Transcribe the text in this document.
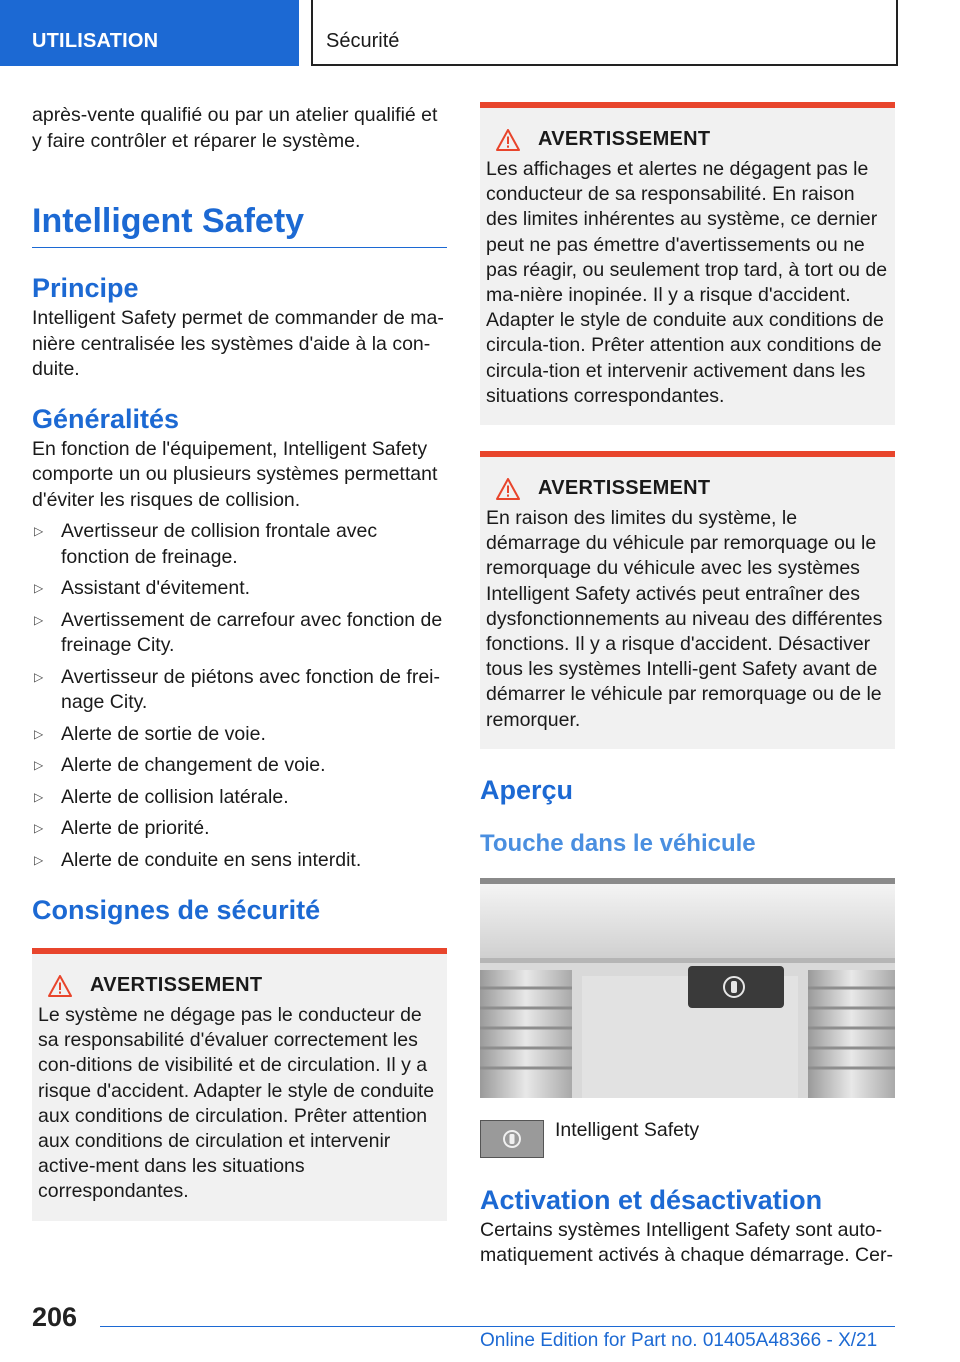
UTILISATION	Sécurité

après-vente qualifié ou par un atelier qualifié et y faire contrôler et réparer le système.

Intelligent Safety
Principe

Intelligent Safety permet de commander de ma-nière centralisée les systèmes d'aide à la con-duite.

Généralités

En fonction de l'équipement, Intelligent Safety comporte un ou plusieurs systèmes permettant d'éviter les risques de collision.

▷ Avertisseur de collision frontale avec fonction de freinage.
▷ Assistant d'évitement.
▷ Avertissement de carrefour avec fonction de freinage City.
▷ Avertisseur de piétons avec fonction de frei-nage City.
▷ Alerte de sortie de voie.
▷ Alerte de changement de voie.
▷ Alerte de collision latérale.
▷ Alerte de priorité.
▷ Alerte de conduite en sens interdit.
Consignes de sécurité
AVERTISSEMENT

Le système ne dégage pas le conducteur de sa responsabilité d'évaluer correctement les con-ditions de visibilité et de circulation. Il y a risque d'accident. Adapter le style de conduite aux conditions de circulation. Prêter attention aux conditions de circulation et intervenir active-ment dans les situations correspondantes.

AVERTISSEMENT

Les affichages et alertes ne dégagent pas le conducteur de sa responsabilité. En raison des limites inhérentes au système, ce dernier peut ne pas émettre d'avertissements ou ne pas réagir, ou seulement trop tard, à tort ou de ma-nière inopinée. Il y a risque d'accident. Adapter le style de conduite aux conditions de circula-tion. Prêter attention aux conditions de circula-tion et intervenir activement dans les situations correspondantes.

AVERTISSEMENT

En raison des limites du système, le démarrage du véhicule par remorquage ou le remorquage du véhicule avec les systèmes Intelligent Safety activés peut entraîner des dysfonctionnements au niveau des différentes fonctions. Il y a risque d'accident. Désactiver tous les systèmes Intelli-gent Safety avant de démarrer le véhicule par remorquage ou de le remorquer.

Aperçu
Touche dans le véhicule

Intelligent Safety

Activation et désactivation

Certains systèmes Intelligent Safety sont auto-matiquement activés à chaque démarrage. Cer-

206
Online Edition for Part no. 01405A48366 - X/21
